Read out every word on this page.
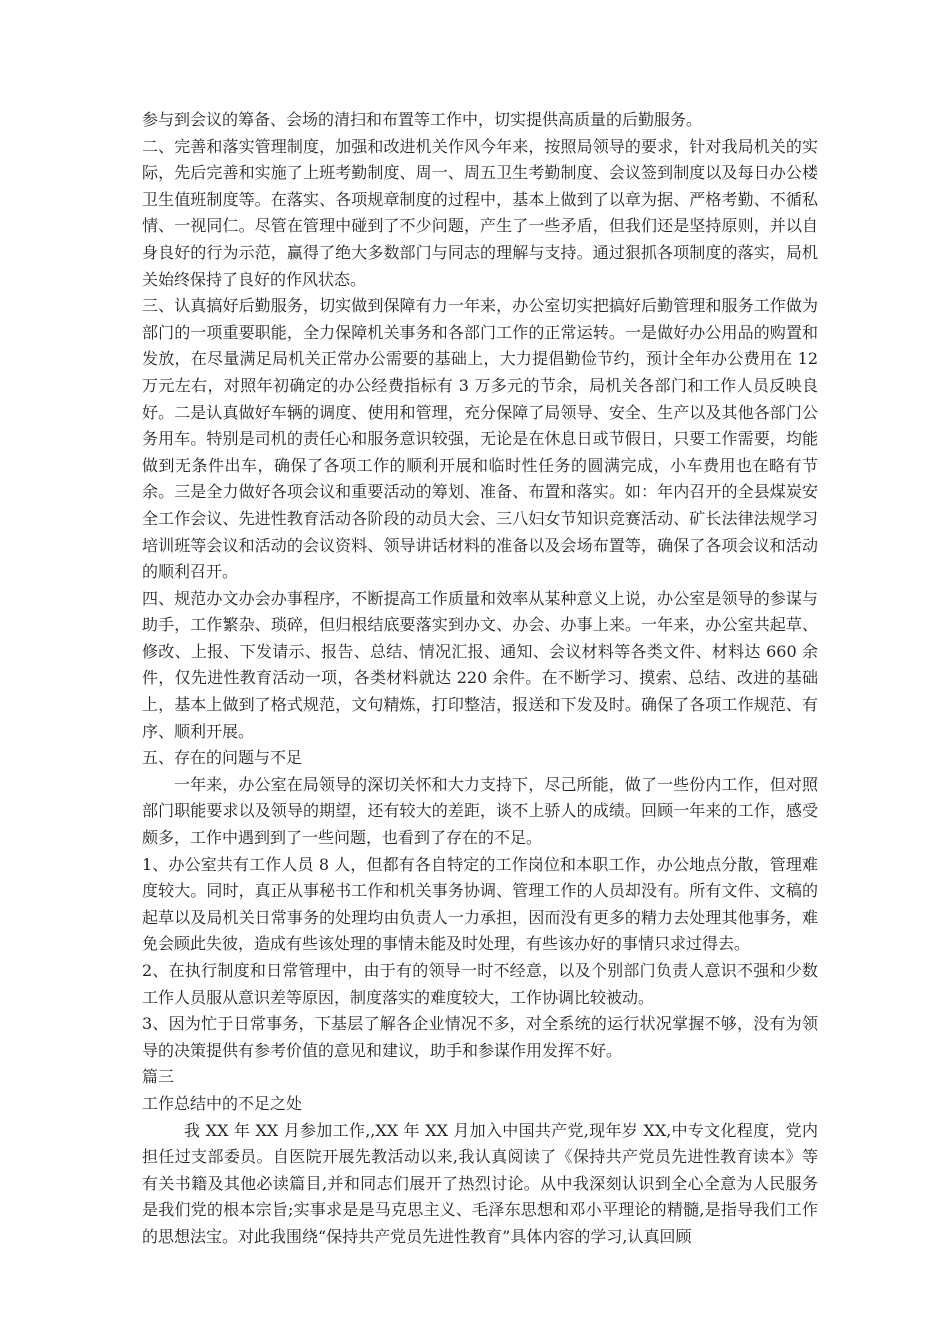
参与到会议的筹备、会场的清扫和布置等工作中，切实提供高质量的后勤服务。

二、完善和落实管理制度，加强和改进机关作风今年来，按照局领导的要求，针对我局机关的实际，先后完善和实施了上班考勤制度、周一、周五卫生考勤制度、会议签到制度以及每日办公楼卫生值班制度等。在落实、各项规章制度的过程中，基本上做到了以章为据、严格考勤、不循私情、一视同仁。尽管在管理中碰到了不少问题，产生了一些矛盾，但我们还是坚持原则，并以自身良好的行为示范，赢得了绝大多数部门与同志的理解与支持。通过狠抓各项制度的落实，局机关始终保持了良好的作风状态。

三、认真搞好后勤服务，切实做到保障有力一年来，办公室切实把搞好后勤管理和服务工作做为部门的一项重要职能，全力保障机关事务和各部门工作的正常运转。一是做好办公用品的购置和发放，在尽量满足局机关正常办公需要的基础上，大力提倡勤俭节约，预计全年办公费用在 12 万元左右，对照年初确定的办公经费指标有 3 万多元的节余，局机关各部门和工作人员反映良好。二是认真做好车辆的调度、使用和管理，充分保障了局领导、安全、生产以及其他各部门公务用车。特别是司机的责任心和服务意识较强，无论是在休息日或节假日，只要工作需要，均能做到无条件出车，确保了各项工作的顺利开展和临时性任务的圆满完成，小车费用也在略有节余。三是全力做好各项会议和重要活动的筹划、准备、布置和落实。如：年内召开的全县煤炭安全工作会议、先进性教育活动各阶段的动员大会、三八妇女节知识竞赛活动、矿长法律法规学习培训班等会议和活动的会议资料、领导讲话材料的准备以及会场布置等，确保了各项会议和活动的顺利召开。

四、规范办文办会办事程序，不断提高工作质量和效率从某种意义上说，办公室是领导的参谋与助手，工作繁杂、琐碎，但归根结底要落实到办文、办会、办事上来。一年来，办公室共起草、修改、上报、下发请示、报告、总结、情况汇报、通知、会议材料等各类文件、材料达 660 余件，仅先进性教育活动一项，各类材料就达 220 余件。在不断学习、摸索、总结、改进的基础上，基本上做到了格式规范，文句精炼，打印整洁，报送和下发及时。确保了各项工作规范、有序、顺利开展。

五、存在的问题与不足

一年来，办公室在局领导的深切关怀和大力支持下，尽己所能，做了一些份内工作，但对照部门职能要求以及领导的期望，还有较大的差距，谈不上骄人的成绩。回顾一年来的工作，感受颇多，工作中遇到到了一些问题，也看到了存在的不足。

1、办公室共有工作人员 8 人，但都有各自特定的工作岗位和本职工作，办公地点分散，管理难度较大。同时，真正从事秘书工作和机关事务协调、管理工作的人员却没有。所有文件、文稿的起草以及局机关日常事务的处理均由负责人一力承担，因而没有更多的精力去处理其他事务，难免会顾此失彼，造成有些该处理的事情未能及时处理，有些该办好的事情只求过得去。

2、在执行制度和日常管理中，由于有的领导一时不经意，以及个别部门负责人意识不强和少数工作人员服从意识差等原因，制度落实的难度较大，工作协调比较被动。

3、因为忙于日常事务，下基层了解各企业情况不多，对全系统的运行状况掌握不够，没有为领导的决策提供有参考价值的意见和建议，助手和参谋作用发挥不好。

篇三

工作总结中的不足之处

我 XX 年 XX 月参加工作,,XX 年 XX 月加入中国共产党,现年岁 XX,中专文化程度，党内担任过支部委员。自医院开展先教活动以来,我认真阅读了《保持共产党员先进性教育读本》等有关书籍及其他必读篇目,并和同志们展开了热烈讨论。从中我深刻认识到全心全意为人民服务是我们党的根本宗旨;实事求是是马克思主义、毛泽东思想和邓小平理论的精髓,是指导我们工作的思想法宝。对此我围绕“保持共产党员先进性教育”具体内容的学习,认真回顾
